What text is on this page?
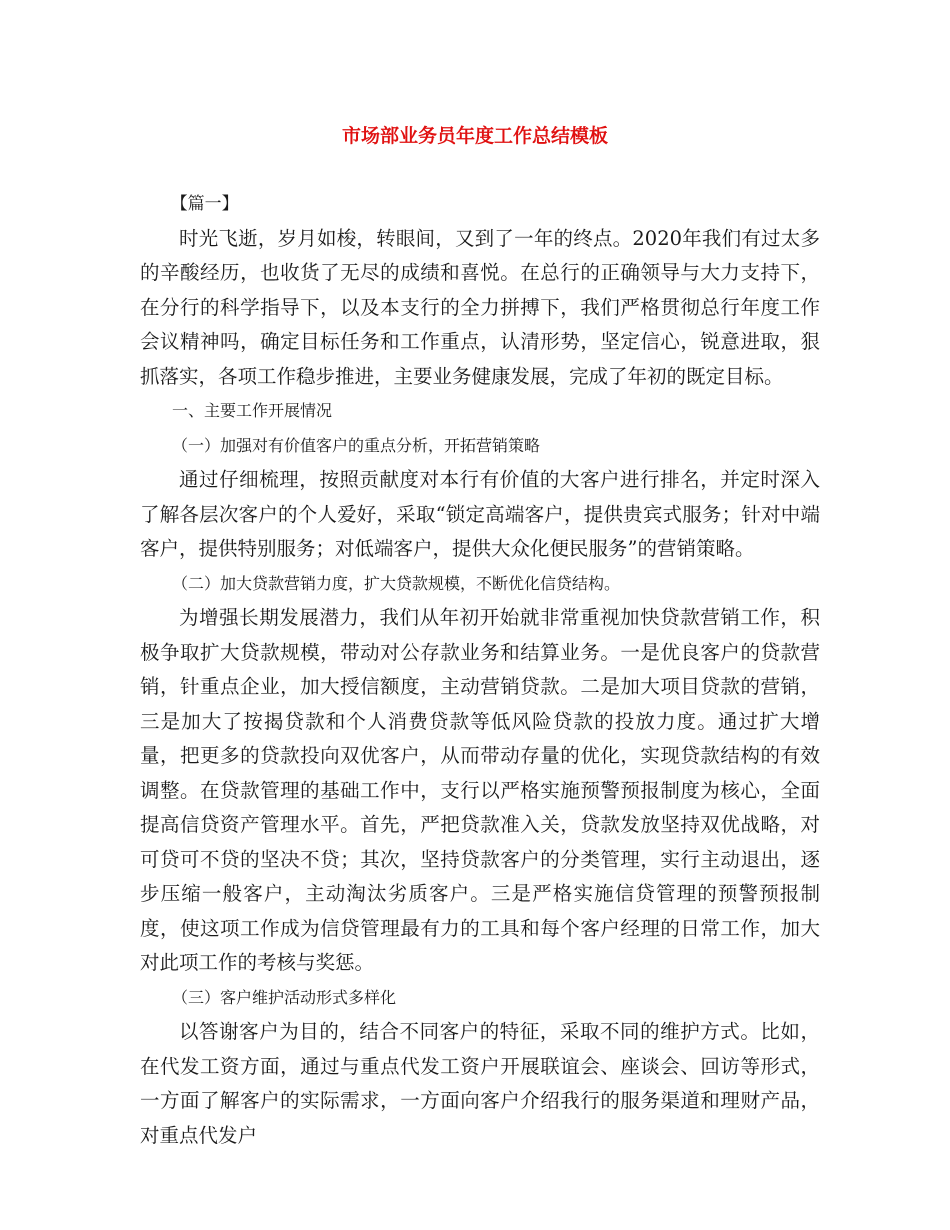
市场部业务员年度工作总结模板

【篇一】

时光飞逝，岁月如梭，转眼间，又到了一年的终点。2020年我们有过太多的辛酸经历，也收货了无尽的成绩和喜悦。在总行的正确领导与大力支持下，在分行的科学指导下，以及本支行的全力拼搏下，我们严格贯彻总行年度工作会议精神吗，确定目标任务和工作重点，认清形势，坚定信心，锐意进取，狠抓落实，各项工作稳步推进，主要业务健康发展，完成了年初的既定目标。

一、主要工作开展情况

（一）加强对有价值客户的重点分析，开拓营销策略

通过仔细梳理，按照贡献度对本行有价值的大客户进行排名，并定时深入了解各层次客户的个人爱好，采取“锁定高端客户，提供贵宾式服务；针对中端客户，提供特别服务；对低端客户，提供大众化便民服务”的营销策略。

（二）加大贷款营销力度，扩大贷款规模，不断优化信贷结构。

为增强长期发展潜力，我们从年初开始就非常重视加快贷款营销工作，积极争取扩大贷款规模，带动对公存款业务和结算业务。一是优良客户的贷款营销，针重点企业，加大授信额度，主动营销贷款。二是加大项目贷款的营销，三是加大了按揭贷款和个人消费贷款等低风险贷款的投放力度。通过扩大增量，把更多的贷款投向双优客户，从而带动存量的优化，实现贷款结构的有效调整。在贷款管理的基础工作中，支行以严格实施预警预报制度为核心，全面提高信贷资产管理水平。首先，严把贷款准入关，贷款发放坚持双优战略，对可贷可不贷的坚决不贷；其次，坚持贷款客户的分类管理，实行主动退出，逐步压缩一般客户，主动淘汰劣质客户。三是严格实施信贷管理的预警预报制度，使这项工作成为信贷管理最有力的工具和每个客户经理的日常工作，加大对此项工作的考核与奖惩。

（三）客户维护活动形式多样化

以答谢客户为目的，结合不同客户的特征，采取不同的维护方式。比如，在代发工资方面，通过与重点代发工资户开展联谊会、座谈会、回访等形式，一方面了解客户的实际需求，一方面向客户介绍我行的服务渠道和理财产品，对重点代发户
